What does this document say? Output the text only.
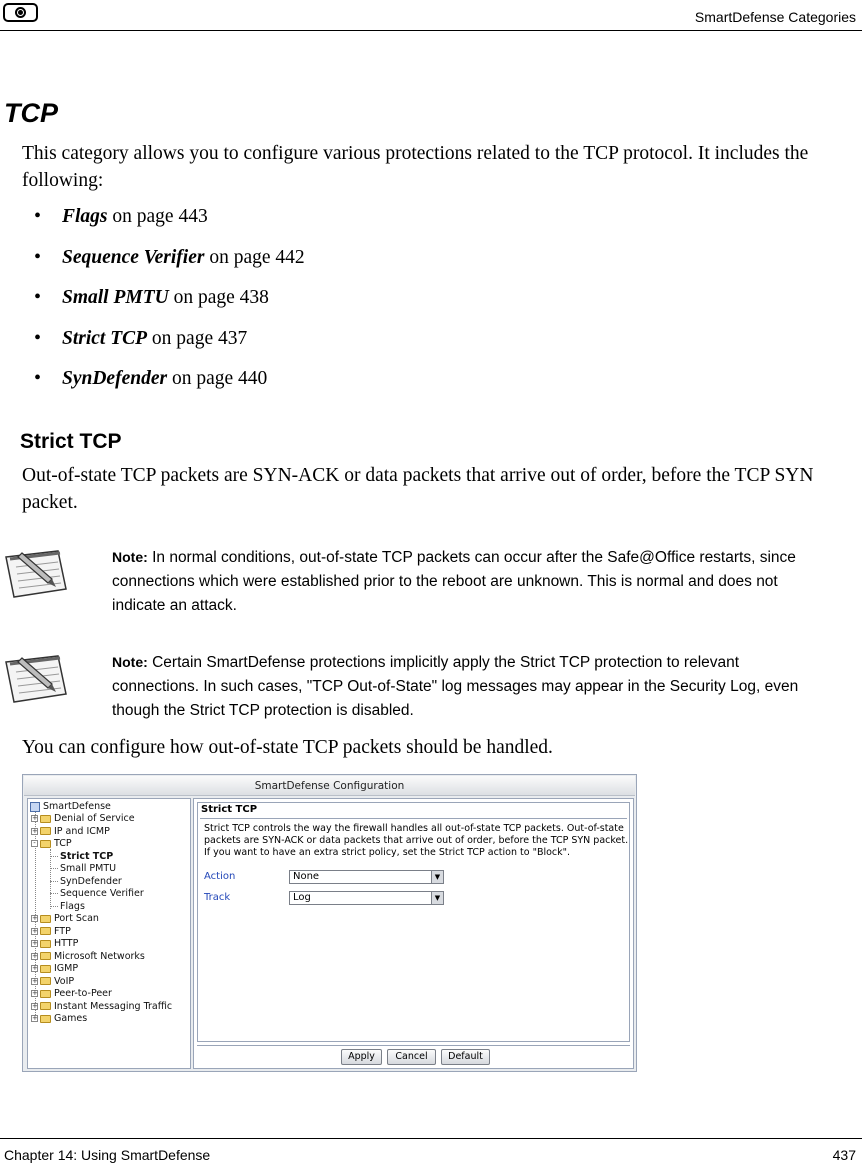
SmartDefense Categories
TCP
This category allows you to configure various protections related to the TCP protocol. It includes the following:
• Flags on page 443
• Sequence Verifier on page 442
• Small PMTU on page 438
• Strict TCP on page 437
• SynDefender on page 440
Strict TCP
Out-of-state TCP packets are SYN-ACK or data packets that arrive out of order, before the TCP SYN packet.
Note: In normal conditions, out-of-state TCP packets can occur after the Safe@Office restarts, since connections which were established prior to the reboot are unknown. This is normal and does not indicate an attack.
Note: Certain SmartDefense protections implicitly apply the Strict TCP protection to relevant connections. In such cases, "TCP Out-of-State" log messages may appear in the Security Log, even though the Strict TCP protection is disabled.
You can configure how out-of-state TCP packets should be handled.
SmartDefense Configuration
SmartDefense
+ Denial of Service
+ IP and ICMP
- TCP
Strict TCP
Small PMTU
SynDefender
Sequence Verifier
Flags
+ Port Scan
+ FTP
+ HTTP
+ Microsoft Networks
+ IGMP
+ VoIP
+ Peer-to-Peer
+ Instant Messaging Traffic
+ Games
Strict TCP
Strict TCP controls the way the firewall handles all out-of-state TCP packets. Out-of-state packets are SYN-ACK or data packets that arrive out of order, before the TCP SYN packet. If you want to have an extra strict policy, set the Strict TCP action to "Block".
Action	None	▼
Track	Log	▼
Apply	Cancel	Default
Chapter 14: Using SmartDefense	437
